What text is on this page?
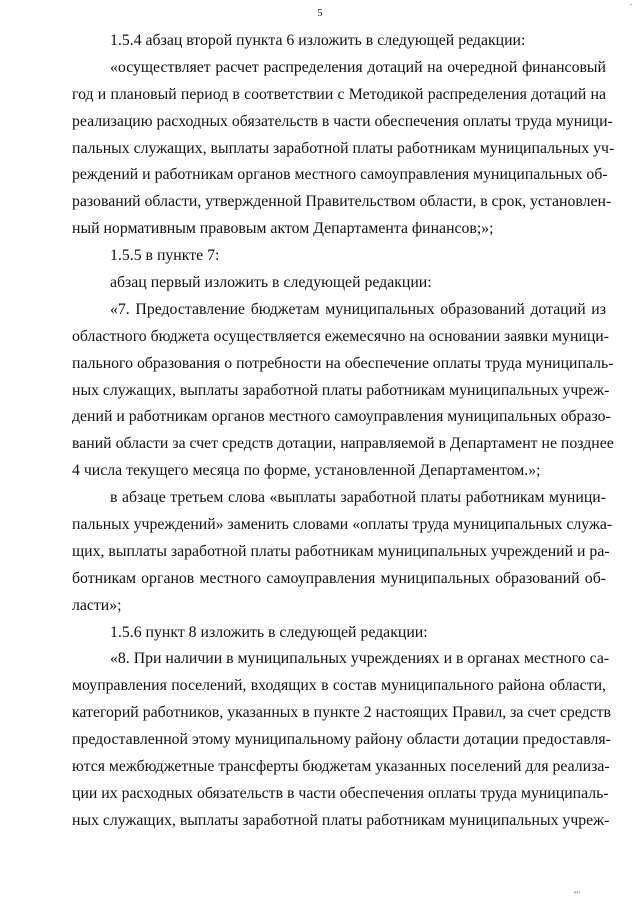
.
5
1.5.4 абзац второй пункта 6 изложить в следующей редакции:
«осуществляет расчет распределения дотаций на очередной финансовый
год и плановый период в соответствии с Методикой распределения дотаций на
реализацию расходных обязательств в части обеспечения оплаты труда муници-
пальных служащих, выплаты заработной платы работникам муниципальных уч-
реждений и работникам органов местного самоуправления муниципальных об-
разований области, утвержденной Правительством области, в срок, установлен-
ный нормативным правовым актом Департамента финансов;»;
1.5.5 в пункте 7:
абзац первый изложить в следующей редакции:
«7. Предоставление бюджетам муниципальных образований дотаций из
областного бюджета осуществляется ежемесячно на основании заявки муници-
пального образования о потребности на обеспечение оплаты труда муниципаль-
ных служащих, выплаты заработной платы работникам муниципальных учреж-
дений и работникам органов местного самоуправления муниципальных образо-
ваний области за счет средств дотации, направляемой в Департамент не позднее
4 числа текущего месяца по форме, установленной Департаментом.»;
в абзаце третьем слова «выплаты заработной платы работникам муници-
пальных учреждений» заменить словами «оплаты труда муниципальных служа-
щих, выплаты заработной платы работникам муниципальных учреждений и ра-
ботникам органов местного самоуправления муниципальных образований об-
ласти»;
1.5.6 пункт 8 изложить в следующей редакции:
«8. При наличии в муниципальных учреждениях и в органах местного са-
моуправления поселений, входящих в состав муниципального района области,
категорий работников, указанных в пункте 2 настоящих Правил, за счет средств
предоставленной этому муниципальному району области дотации предоставля-
ются межбюджетные трансферты бюджетам указанных поселений для реализа-
ции их расходных обязательств в части обеспечения оплаты труда муниципаль-
ных служащих, выплаты заработной платы работникам муниципальных учреж-
""
